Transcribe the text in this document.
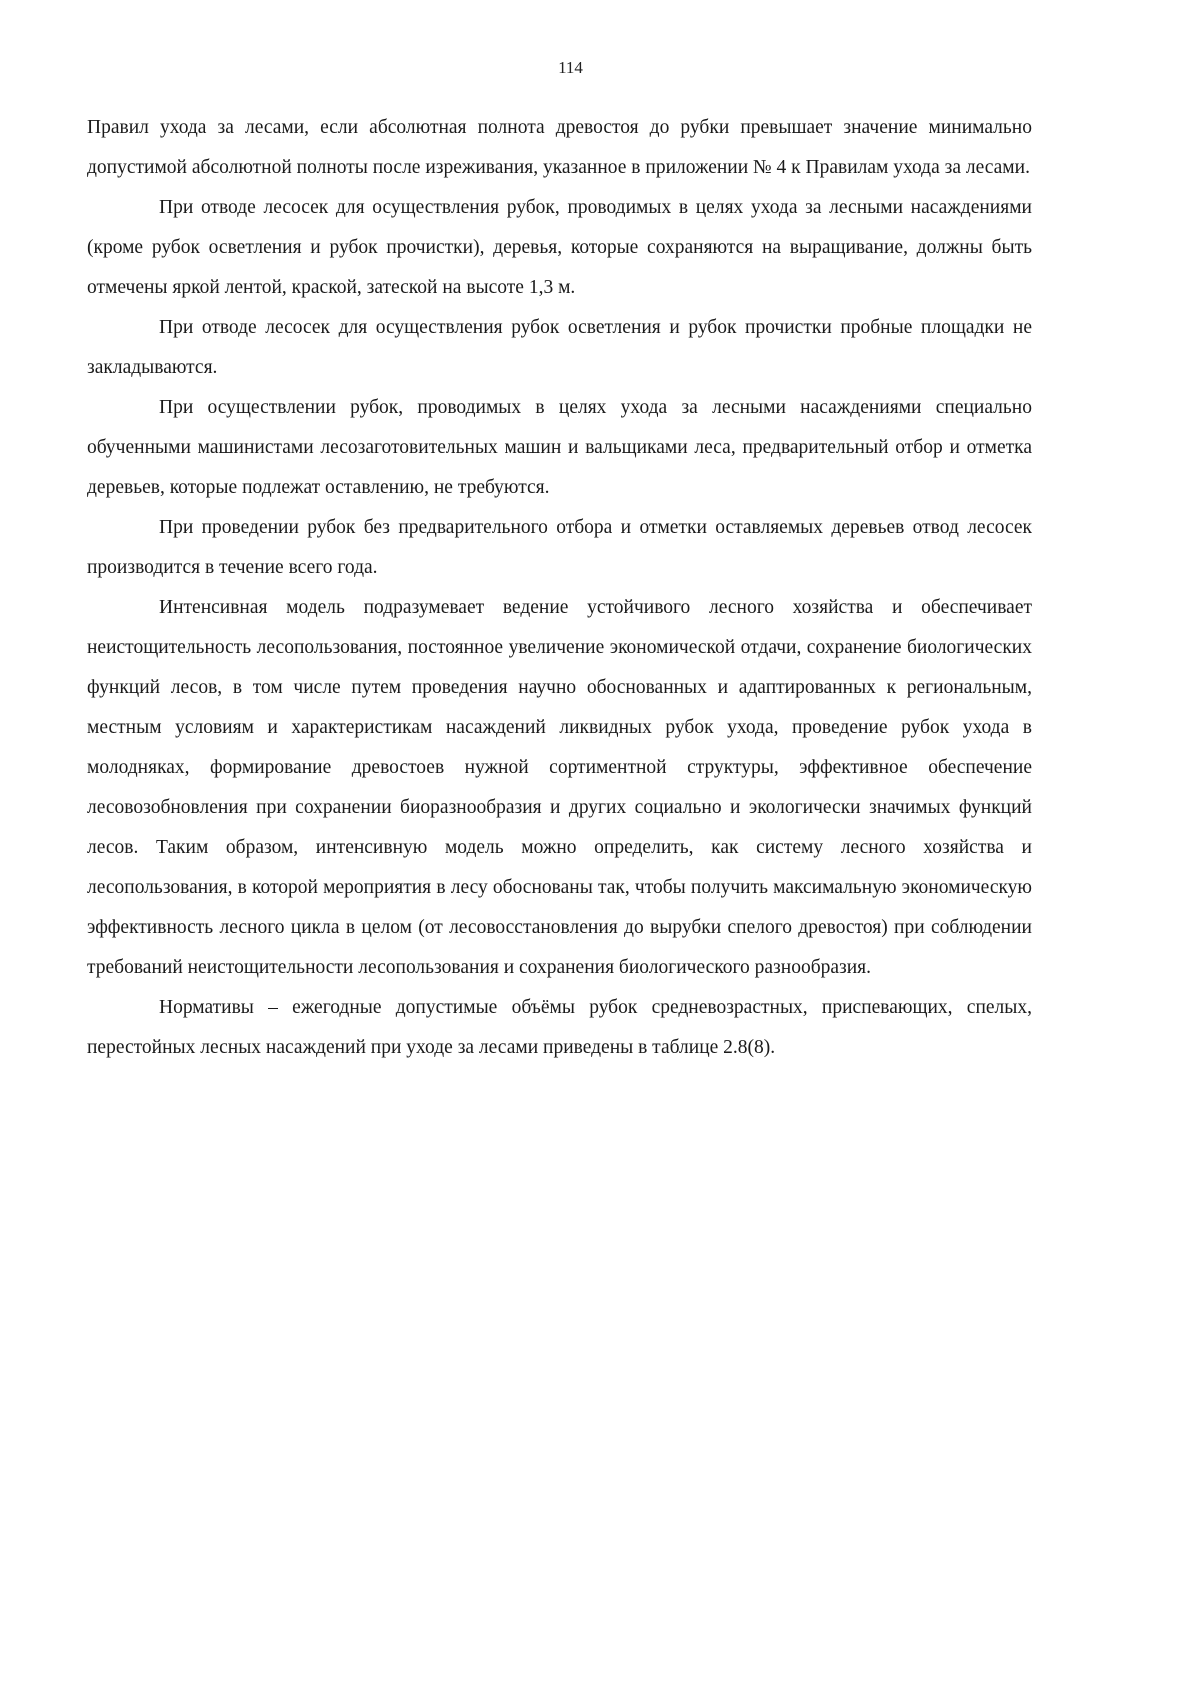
114

Правил ухода за лесами, если абсолютная полнота древостоя до рубки превышает значение минимально допустимой абсолютной полноты после изреживания, указанное в приложении № 4 к Правилам ухода за лесами.

При отводе лесосек для осуществления рубок, проводимых в целях ухода за лесными насаждениями (кроме рубок осветления и рубок прочистки), деревья, которые сохраняются на выращивание, должны быть отмечены яркой лентой, краской, затеской на высоте 1,3 м.

При отводе лесосек для осуществления рубок осветления и рубок прочистки пробные площадки не закладываются.

При осуществлении рубок, проводимых в целях ухода за лесными насаждениями специально обученными машинистами лесозаготовительных машин и вальщиками леса, предварительный отбор и отметка деревьев, которые подлежат оставлению, не требуются.

При проведении рубок без предварительного отбора и отметки оставляемых деревьев отвод лесосек производится в течение всего года.

Интенсивная модель подразумевает ведение устойчивого лесного хозяйства и обеспечивает неистощительность лесопользования, постоянное увеличение экономической отдачи, сохранение биологических функций лесов, в том числе путем проведения научно обоснованных и адаптированных к региональным, местным условиям и характеристикам насаждений ликвидных рубок ухода, проведение рубок ухода в молодняках, формирование древостоев нужной сортиментной структуры, эффективное обеспечение лесовозобновления при сохранении биоразнообразия и других социально и экологически значимых функций лесов. Таким образом, интенсивную модель можно определить, как систему лесного хозяйства и лесопользования, в которой мероприятия в лесу обоснованы так, чтобы получить максимальную экономическую эффективность лесного цикла в целом (от лесовосстановления до вырубки спелого древостоя) при соблюдении требований неистощительности лесопользования и сохранения биологического разнообразия.

Нормативы – ежегодные допустимые объёмы рубок средневозрастных, приспевающих, спелых, перестойных лесных насаждений при уходе за лесами приведены в таблице 2.8(8).
